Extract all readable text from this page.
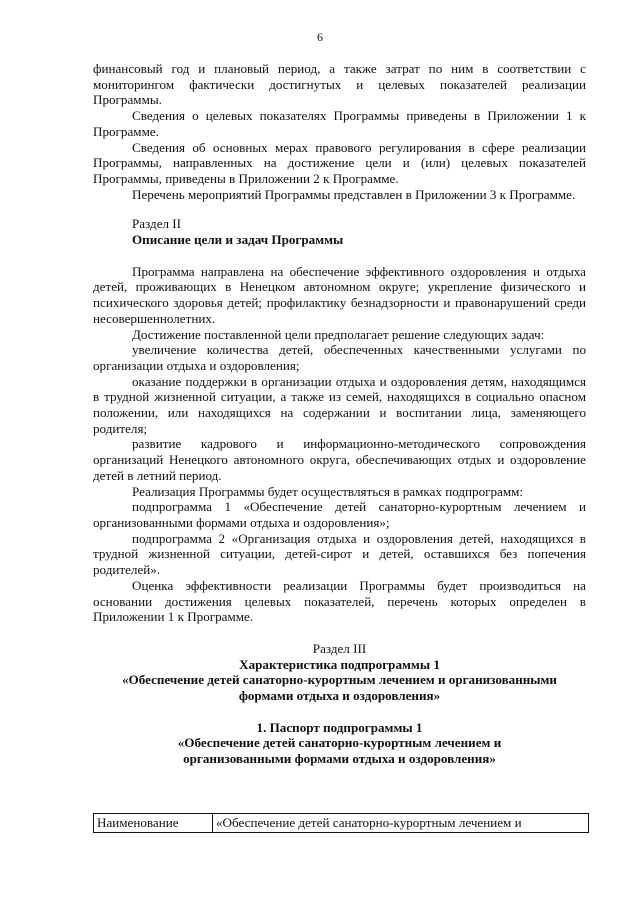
6

финансовый год и плановый период, а также затрат по ним в соответствии с мониторингом фактически достигнутых и целевых показателей реализации Программы.

Сведения о целевых показателях Программы приведены в Приложении 1 к Программе.

Сведения об основных мерах правового регулирования в сфере реализации Программы, направленных на достижение цели и (или) целевых показателей Программы, приведены в Приложении 2 к Программе.

Перечень мероприятий Программы представлен в Приложении 3 к Программе.

Раздел II
Описание цели и задач Программы

Программа направлена на обеспечение эффективного оздоровления и отдыха детей, проживающих в Ненецком автономном округе; укрепление физического и психического здоровья детей; профилактику безнадзорности и правонарушений среди несовершеннолетних.

Достижение поставленной цели предполагает решение следующих задач:

увеличение количества детей, обеспеченных качественными услугами по организации отдыха и оздоровления;

оказание поддержки в организации отдыха и оздоровления детям, находящимся в трудной жизненной ситуации, а также из семей, находящихся в социально опасном положении, или находящихся на содержании и воспитании лица, заменяющего родителя;

развитие кадрового и информационно-методического сопровождения организаций Ненецкого автономного округа, обеспечивающих отдых и оздоровление детей в летний период.

Реализация Программы будет осуществляться в рамках подпрограмм:

подпрограмма 1 «Обеспечение детей санаторно-курортным лечением и организованными формами отдыха и оздоровления»;

подпрограмма 2 «Организация отдыха и оздоровления детей, находящихся в трудной жизненной ситуации, детей-сирот и детей, оставшихся без попечения родителей».

Оценка эффективности реализации Программы будет производиться на основании достижения целевых показателей, перечень которых определен в Приложении 1 к Программе.

Раздел III
Характеристика подпрограммы 1
«Обеспечение детей санаторно-курортным лечением и организованными
формами отдыха и оздоровления»
1. Паспорт подпрограммы 1
«Обеспечение детей санаторно-курортным лечением и
организованными формами отдыха и оздоровления»
Наименование	«Обеспечение детей санаторно-курортным лечением и
